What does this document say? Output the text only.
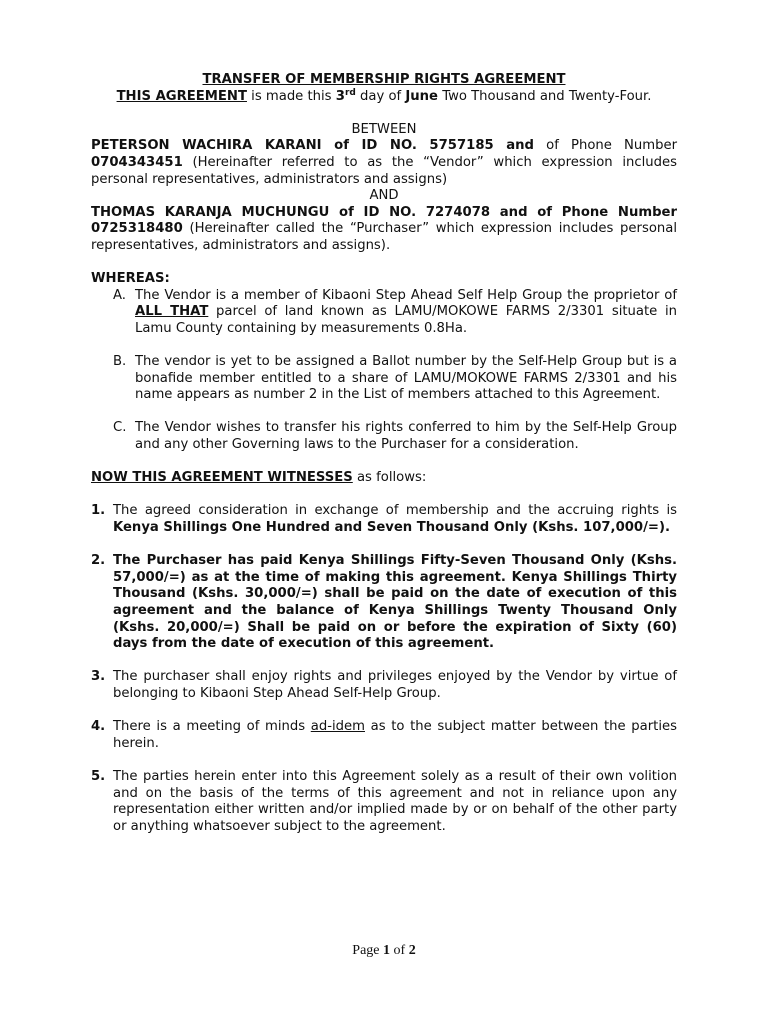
TRANSFER OF MEMBERSHIP RIGHTS AGREEMENT

THIS AGREEMENT is made this 3rd day of June Two Thousand and Twenty-Four.

BETWEEN

PETERSON WACHIRA KARANI of ID NO. 5757185 and of Phone Number 0704343451 (Hereinafter referred to as the “Vendor” which expression includes personal representatives, administrators and assigns)

AND

THOMAS KARANJA MUCHUNGU of ID NO. 7274078 and of Phone Number 0725318480 (Hereinafter called the “Purchaser” which expression includes personal representatives, administrators and assigns).

WHEREAS:

A. The Vendor is a member of Kibaoni Step Ahead Self Help Group the proprietor of ALL THAT parcel of land known as LAMU/MOKOWE FARMS 2/3301 situate in Lamu County containing by measurements 0.8Ha.
B. The vendor is yet to be assigned a Ballot number by the Self-Help Group but is a bonafide member entitled to a share of LAMU/MOKOWE FARMS 2/3301 and his name appears as number 2 in the List of members attached to this Agreement.
C. The Vendor wishes to transfer his rights conferred to him by the Self-Help Group and any other Governing laws to the Purchaser for a consideration.

NOW THIS AGREEMENT WITNESSES as follows:

1. The agreed consideration in exchange of membership and the accruing rights is Kenya Shillings One Hundred and Seven Thousand Only (Kshs. 107,000/=).
2. The Purchaser has paid Kenya Shillings Fifty-Seven Thousand Only (Kshs. 57,000/=) as at the time of making this agreement. Kenya Shillings Thirty Thousand (Kshs. 30,000/=) shall be paid on the date of execution of this agreement and the balance of Kenya Shillings Twenty Thousand Only (Kshs. 20,000/=) Shall be paid on or before the expiration of Sixty (60) days from the date of execution of this agreement.
3. The purchaser shall enjoy rights and privileges enjoyed by the Vendor by virtue of belonging to Kibaoni Step Ahead Self-Help Group.
4. There is a meeting of minds ad-idem as to the subject matter between the parties herein.
5. The parties herein enter into this Agreement solely as a result of their own volition and on the basis of the terms of this agreement and not in reliance upon any representation either written and/or implied made by or on behalf of the other party or anything whatsoever subject to the agreement.
Page 1 of 2
